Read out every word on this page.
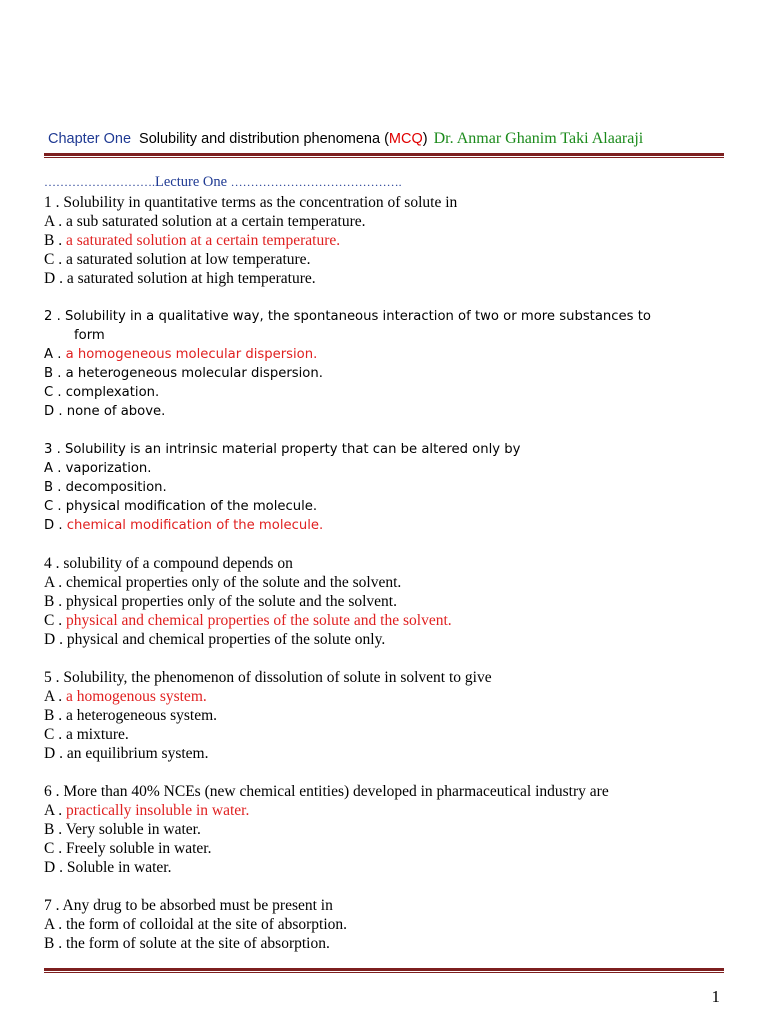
Chapter One Solubility and distribution phenomena (MCQ) Dr. Anmar Ghanim Taki Alaaraji
……………………….Lecture One …………………………………….
1 . Solubility in quantitative terms as the concentration of solute in
A . a sub saturated solution at a certain temperature.
B . a saturated solution at a certain temperature.
C . a saturated solution at low temperature.
D . a saturated solution at high temperature.
2 . Solubility in a qualitative way, the spontaneous interaction of two or more substances to
form
A . a homogeneous molecular dispersion.
B . a heterogeneous molecular dispersion.
C . complexation.
D . none of above.
3 . Solubility is an intrinsic material property that can be altered only by
A . vaporization.
B . decomposition.
C . physical modification of the molecule.
D . chemical modification of the molecule.
4 . solubility of a compound depends on
A . chemical properties only of the solute and the solvent.
B . physical properties only of the solute and the solvent.
C . physical and chemical properties of the solute and the solvent.
D . physical and chemical properties of the solute only.
5 . Solubility, the phenomenon of dissolution of solute in solvent to give
A . a homogenous system.
B . a heterogeneous system.
C . a mixture.
D . an equilibrium system.
6 . More than 40% NCEs (new chemical entities) developed in pharmaceutical industry are
A . practically insoluble in water.
B . Very soluble in water.
C . Freely soluble in water.
D . Soluble in water.
7 . Any drug to be absorbed must be present in
A . the form of colloidal at the site of absorption.
B . the form of solute at the site of absorption.
1
